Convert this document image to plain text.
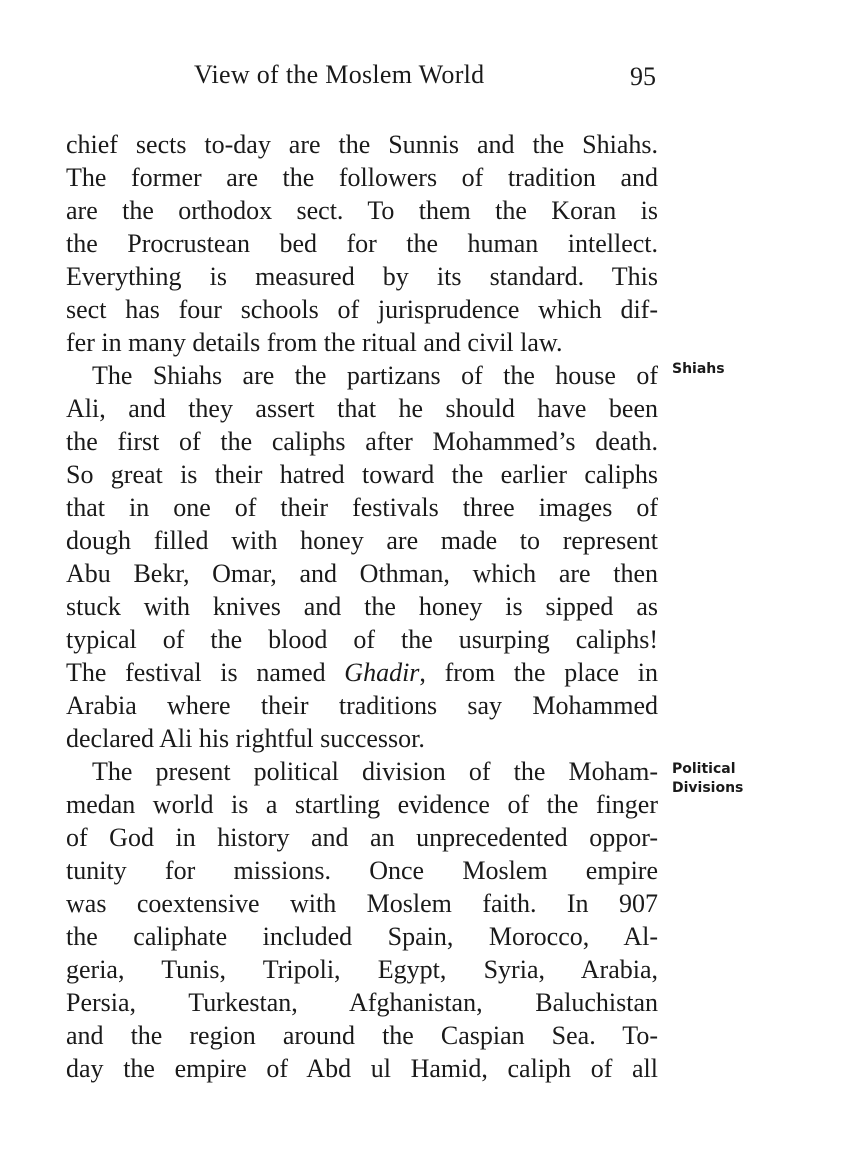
View of the Moslem World	95
chief sects to-day are the Sunnis and the Shiahs.
The former are the followers of tradition and
are the orthodox sect. To them the Koran is
the Procrustean bed for the human intellect.
Everything is measured by its standard. This
sect has four schools of jurisprudence which dif-
fer in many details from the ritual and civil law.
The Shiahs are the partizans of the house of
Ali, and they assert that he should have been
the first of the caliphs after Mohammed’s death.
So great is their hatred toward the earlier caliphs
that in one of their festivals three images of
dough filled with honey are made to represent
Abu Bekr, Omar, and Othman, which are then
stuck with knives and the honey is sipped as
typical of the blood of the usurping caliphs!
The festival is named Ghadir, from the place in
Arabia where their traditions say Mohammed
declared Ali his rightful successor.
The present political division of the Moham-
medan world is a startling evidence of the finger
of God in history and an unprecedented oppor-
tunity for missions. Once Moslem empire
was coextensive with Moslem faith. In 907
the caliphate included Spain, Morocco, Al-
geria, Tunis, Tripoli, Egypt, Syria, Arabia,
Persia, Turkestan, Afghanistan, Baluchistan
and the region around the Caspian Sea. To-
day the empire of Abd ul Hamid, caliph of all
Shiahs
Political
Divisions
